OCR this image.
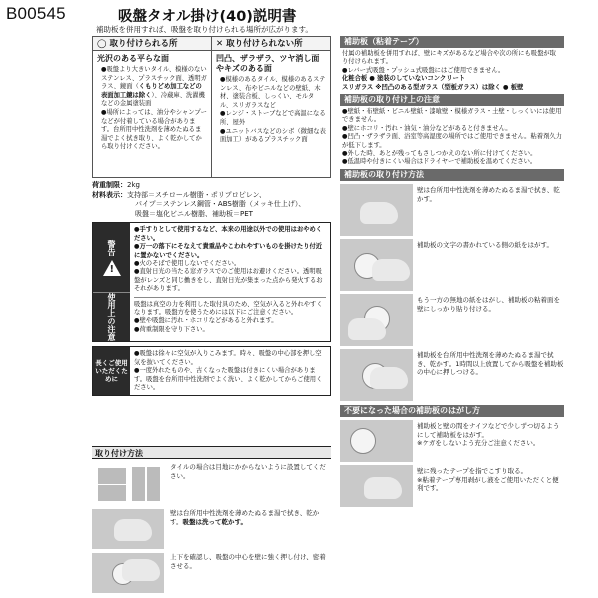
B00545	吸盤タオル掛け(40)説明書
補助板を併用すれば、吸盤を取り付けられる場所が広がります。
◯ 取り付けられる所
光沢のある平らな面
●吸盤より大きいタイル、模様のないステンレス、プラスチック面、透明ガラス、鏡面（くもりどめ加工などの表面加工鏡は除く）、冷蔵庫、洗濯機などの金属塗装面
●場所によっては、油分やシャンプーなどが付着している場合があります。台所用中性洗剤を薄めたぬるま湯でよく拭き取り、よく乾かしてから取り付けください。
✕ 取り付けられない所
凹凸、ザラザラ、ツヤ消し面やキズのある面
●模様のあるタイル、模様のあるステンレス、布やビニルなどの壁紙、木材、塗装合板、しっくい、モルタル、スリガラスなど
●レンジ・ストーブなどで高温になる所、屋外
●ユニットバスなどのシボ（微細な表面加工）があるプラスチック面
荷重制限： 2kg
材料表示： 支持部＝スチロール樹脂・ポリプロピレン、
パイプ＝ステンレス鋼管・ABS樹脂（メッキ仕上げ）、
吸盤＝塩化ビニル樹脂、補助板＝PET
警告
!
使用上の注意
●手すりとして使用するなど、本来の用途以外での使用はおやめください。
●万一の落下にそなえて貴重品やこわれやすいものを掛けたり付近に置かないでください。
●火のそばで使用しないでください。
●直射日光の当たる窓ガラスでのご使用はお避けください。透明吸盤がレンズと同じ働きをし、直射日光が集まった点から発火するおそれがあります。
吸盤は真空の力を利用した取付具のため、空気が入ると外れやすくなります。吸盤方を使うためには以下にご注意ください。
●壁や吸盤に汚れ・ホコリなどがあると外れます。
●荷重制限を守り下さい。
長くご使用いただくために
●吸盤は徐々に空気が入りこみます。時々、吸盤の中心部を押し空気を抜いてください。
●一度外れたものや、古くなった吸盤は付きにくい場合があります。吸盤を台所用中性洗剤でよく洗い、よく乾かしてからご使用ください。
取り付け方法
タイルの場合は目地にかからないように設置してください。
壁は台所用中性洗剤を薄めたぬるま湯で拭き、乾かす。吸盤は洗って乾かす。
上下を確認し、吸盤の中心を壁に強く押し付け、密着させる。
補助板（粘着テープ）
付属の補助板を併用すれば、壁にキズがあるなど場合や次の所にも吸盤が取り付けられます。
●レバー式吸盤・プッシュ式吸盤にはご使用できません。
化粧合板 ● 塗装のしていないコンクリート
スリガラス ※凹凸のある型ガラス（型板ガラス）は除く ● 板壁
補助板の取り付け上の注意
●壁紙・布壁紙・ビニル壁紙・漆喰壁・模様ガラス・土壁・しっくいには使用できません。
●壁にホコリ・汚れ・油気・油分などがあると付きません。
●凹凸・ザラザラ面、浴室等高湿度の場所ではご使用できません。粘着剤久力が低下します。
●外した時、あとが残ってもさしつかえのない所に付けてください。
●低温時や付きにくい場合はドライヤーで補助板を温めてください。
補助板の取り付け方法
壁は台所用中性洗剤を薄めたぬるま湯で拭き、乾かす。
補助板の文字の書かれている側の紙をはがす。
もう一方の無地の紙をはがし、補助板の粘着面を壁にしっかり貼り付ける。
補助板を台所用中性洗剤を薄めたぬるま湯で拭き、乾かす。1時間以上放置してから吸盤を補助板の中心に押しつける。
不要になった場合の補助板のはがし方
補助板と壁の間をナイフなどで少しずつ切るようにして補助板をはがす。
※ケガをしないよう充分ご注意ください。
壁に残ったテープを指でこすり取る。
※粘着テープ専用剥がし液をご使用いただくと便利です。
